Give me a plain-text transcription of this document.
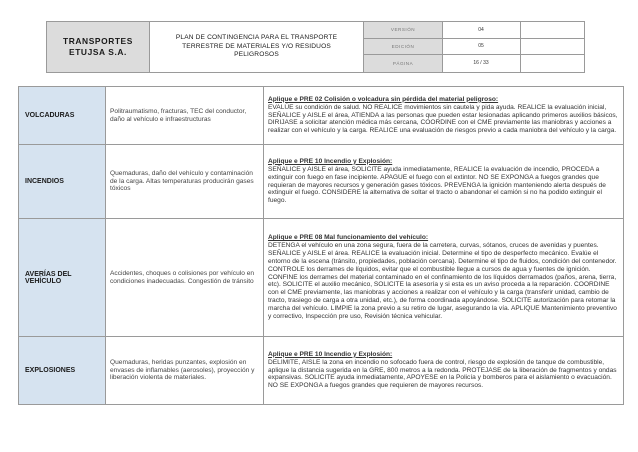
TRANSPORTES
ETUJSA S.A.
PLAN DE CONTINGENCIA PARA EL TRANSPORTE
TERRESTRE DE MATERIALES Y/O RESIDUOS
PELIGROSOS
VERSIÓN	04
EDICIÓN	05
PÁGINA	16 / 33
VOLCADURAS	Politraumatismo, fracturas, TEC del conductor, daño al vehículo e infraestructuras	Aplique e PRE 02 Colisión o volcadura sin pérdida del material peligroso:

EVALÚE su condición de salud. NO REALICE movimientos sin cautela y pida ayuda. REALICE la evaluación inicial, SEÑALICE y AISLE el área, ATIENDA a las personas que pueden estar lesionadas aplicando primeros auxilios básicos, DIRIJASE a solicitar atención médica más cercana, COORDINE con el CME previamente las maniobras y acciones a realizar con el vehículo y la carga. REALICE una evaluación de riesgos previo a cada maniobra del vehículo y la carga.

INCENDIOS	Quemaduras, daño del vehículo y contaminación de la carga. Altas temperaturas producirán gases tóxicos	Aplique e PRE 10 Incendio y Explosión:

SEÑALICE y AISLE el área, SOLICITE ayuda inmediatamente, REALICE la evaluación de incendio, PROCEDA a extinguir con fuego en fase incipiente. APAGUE el fuego con el extintor. NO SE EXPONGA a fuegos grandes que requieran de mayores recursos y generación gases tóxicos. PREVENGA la ignición manteniendo alerta después de extinguir el fuego. CONSIDERE la alternativa de soltar el tracto o abandonar el camión si no ha podido extinguir el fuego.

AVERÍAS DEL
VEHÍCULO	Accidentes, choques o colisiones por vehículo en condiciones inadecuadas. Congestión de tránsito	Aplique e PRE 08 Mal funcionamiento del vehículo:

DETENGA el vehículo en una zona segura, fuera de la carretera, curvas, sótanos, cruces de avenidas y puentes. SEÑALICE y AISLE el área. REALICE la evaluación inicial. Determine el tipo de desperfecto mecánico. Evalúe el entorno de la escena (tránsito, propiedades, población cercana). Determine el tipo de fluidos, condición del contenedor. CONTROLE los derrames de líquidos, evitar que el combustible llegue a cursos de agua y fuentes de ignición. CONFINE los derrames del material contaminado en el confinamiento de los líquidos derramados (paños, arena, tierra, etc). SOLICITE el auxilio mecánico, SOLICITE la asesoría y si esta es un aviso proceda a la reparación. COORDINE con el CME previamente, las maniobras y acciones a realizar con el vehículo y la carga (transferir unidad, cambio de tracto, trasiego de carga a otra unidad, etc.), de forma coordinada apoyándose. SOLICITE autorización para retomar la marcha del vehículo. LIMPIE la zona previo a su retiro de lugar, asegurando la vía. APLIQUE Mantenimiento preventivo y correctivo, Inspección pre uso, Revisión técnica vehicular.

EXPLOSIONES	Quemaduras, heridas punzantes, explosión en envases de inflamables (aerosoles), proyección y liberación violenta de materiales.	Aplique e PRE 10 Incendio y Explosión:

DELIMITE, AISLE la zona en incendio no sofocado fuera de control, riesgo de explosión de tanque de combustible, aplique la distancia sugerida en la GRE, 800 metros a la redonda. PROTEJASE de la liberación de fragmentos y ondas expansivas. SOLICITE ayuda inmediatamente, APOYESE en la Policía y bomberos para el aislamiento o evacuación. NO SE EXPONGA a fuegos grandes que requieren de mayores recursos.
